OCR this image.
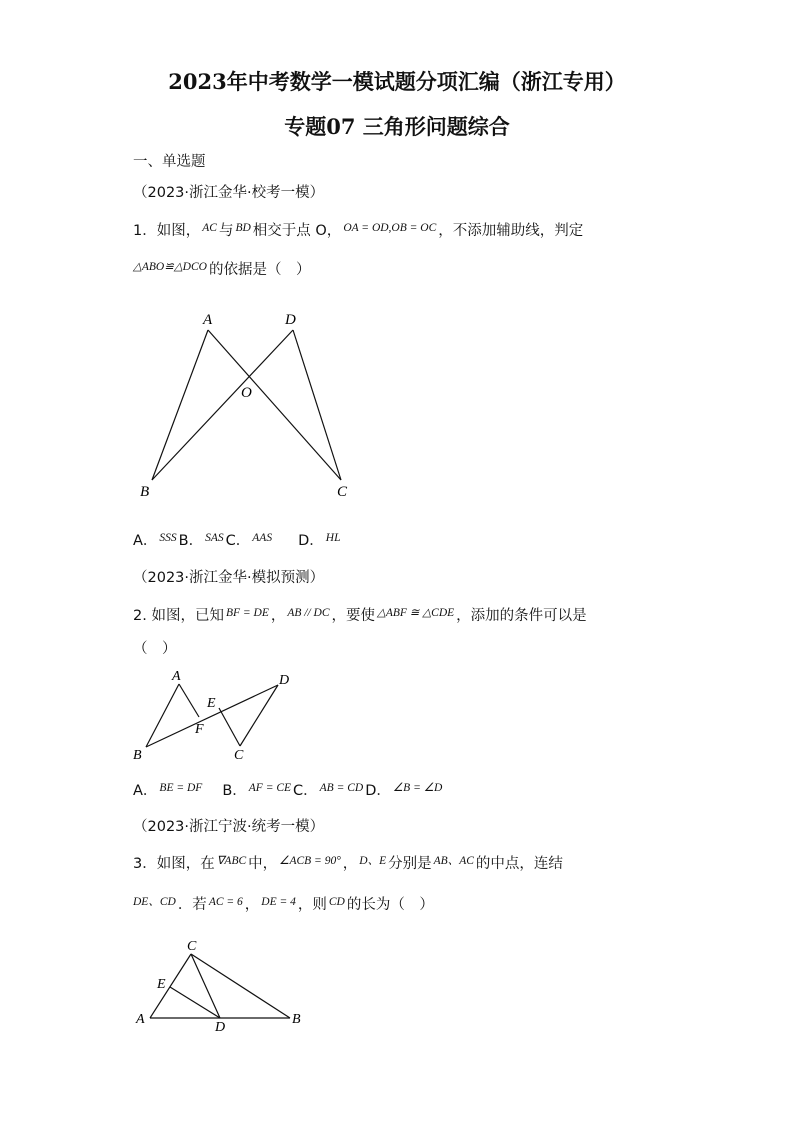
2023年中考数学一模试题分项汇编（浙江专用）
专题07 三角形问题综合
一、单选题
（2023·浙江金华·校考一模）
1．如图， $^{AC}$ 与 $^{BD}$ 相交于点 O， $^{OA = OD,OB = OC}$ ，不添加辅助线，判定
$^{\triangle ABO≌\triangle DCO}$ 的依据是（　）
A	D
O
B	C
A． $^{SSS}$ B． $^{SAS}$ C． $^{AAS}$ D． $^{HL}$
（2023·浙江金华·模拟预测）
2. 如图，已知 $^{BF = DE}$ ， $^{AB // DC}$ ，要使 $^{\triangle ABF ≅ \triangle CDE}$ ，添加的条件可以是
（　）
A
E
D
F
B	C
A． $^{BE = DF}$ B． $^{AF = CE}$ C． $^{AB = CD}$ D． $^{\angle B = \angle D}$
（2023·浙江宁波·统考一模）
3．如图，在 $^{\nabla ABC}$ 中， $^{\angle ACB = 90^\circ}$ ， $^{D、E}$ 分别是 $^{AB、AC}$ 的中点，连结
$^{DE、CD}$ ．若 $^{AC = 6}$ ， $^{DE = 4}$ ，则 $^{CD}$ 的长为（　）
C
E
A
D
B
